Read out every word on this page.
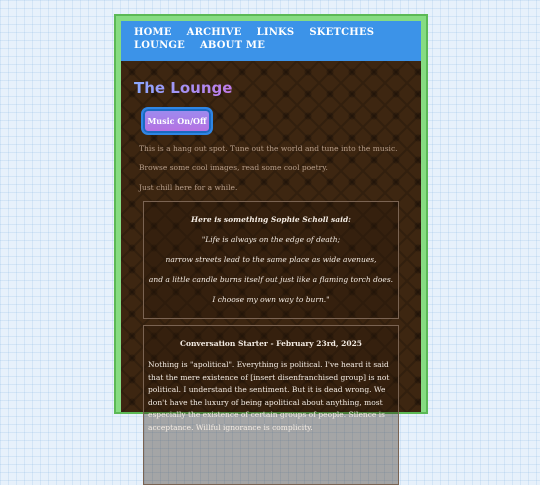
HOME ARCHIVE LINKS SKETCHES
LOUNGE ABOUT ME
The Lounge
Music On/Off

This is a hang out spot. Tune out the world and tune into the music.

Browse some cool images, read some cool poetry.

Just chill here for a while.

Here is something Sophie Scholl said:
"Life is always on the edge of death;
narrow streets lead to the same place as wide avenues,
and a little candle burns itself out just like a flaming torch does.
I choose my own way to burn."
Conversation Starter - February 23rd, 2025

Nothing is "apolitical". Everything is political. I've heard it said that the mere existence of [insert disenfranchised group] is not political. I understand the sentiment. But it is dead wrong. We don't have the luxury of being apolitical about anything, most especially the existence of certain groups of people. Silence is acceptance. Willful ignorance is complicity.
